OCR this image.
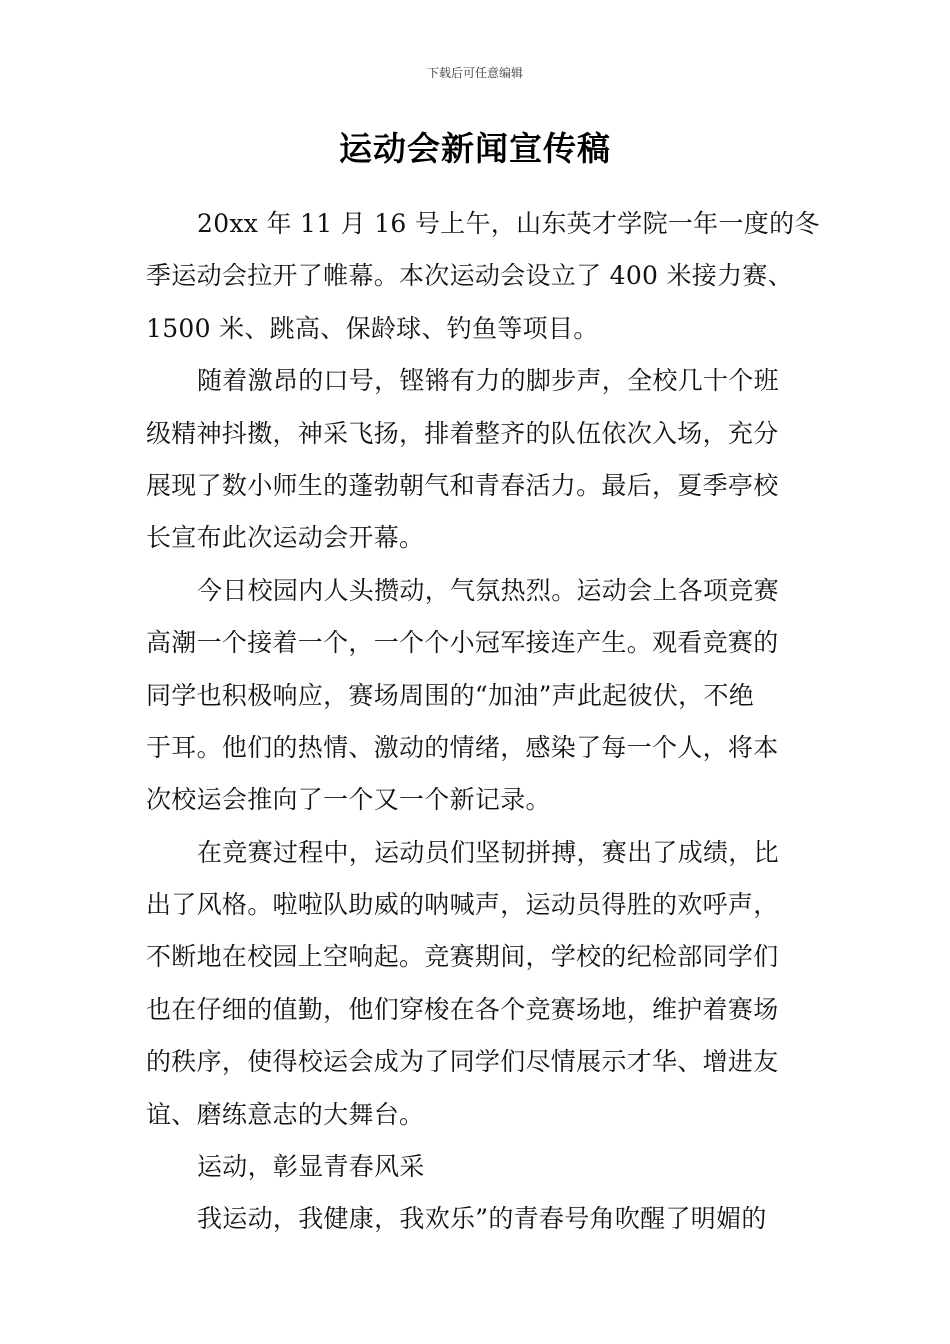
下载后可任意编辑
运动会新闻宣传稿
20xx 年 11 月 16 号上午，山东英才学院一年一度的冬
季运动会拉开了帷幕。本次运动会设立了 400 米接力赛、
1500 米、跳高、保龄球、钓鱼等项目。
随着激昂的口号，铿锵有力的脚步声，全校几十个班
级精神抖擞，神采飞扬，排着整齐的队伍依次入场，充分
展现了数小师生的蓬勃朝气和青春活力。最后，夏季亭校
长宣布此次运动会开幕。
今日校园内人头攒动，气氛热烈。运动会上各项竞赛
高潮一个接着一个，一个个小冠军接连产生。观看竞赛的
同学也积极响应，赛场周围的“加油”声此起彼伏，不绝
于耳。他们的热情、激动的情绪，感染了每一个人，将本
次校运会推向了一个又一个新记录。
在竞赛过程中，运动员们坚韧拼搏，赛出了成绩，比
出了风格。啦啦队助威的呐喊声，运动员得胜的欢呼声，
不断地在校园上空响起。竞赛期间，学校的纪检部同学们
也在仔细的值勤，他们穿梭在各个竞赛场地，维护着赛场
的秩序，使得校运会成为了同学们尽情展示才华、增进友
谊、磨练意志的大舞台。
运动，彰显青春风采
我运动，我健康，我欢乐”的青春号角吹醒了明媚的
